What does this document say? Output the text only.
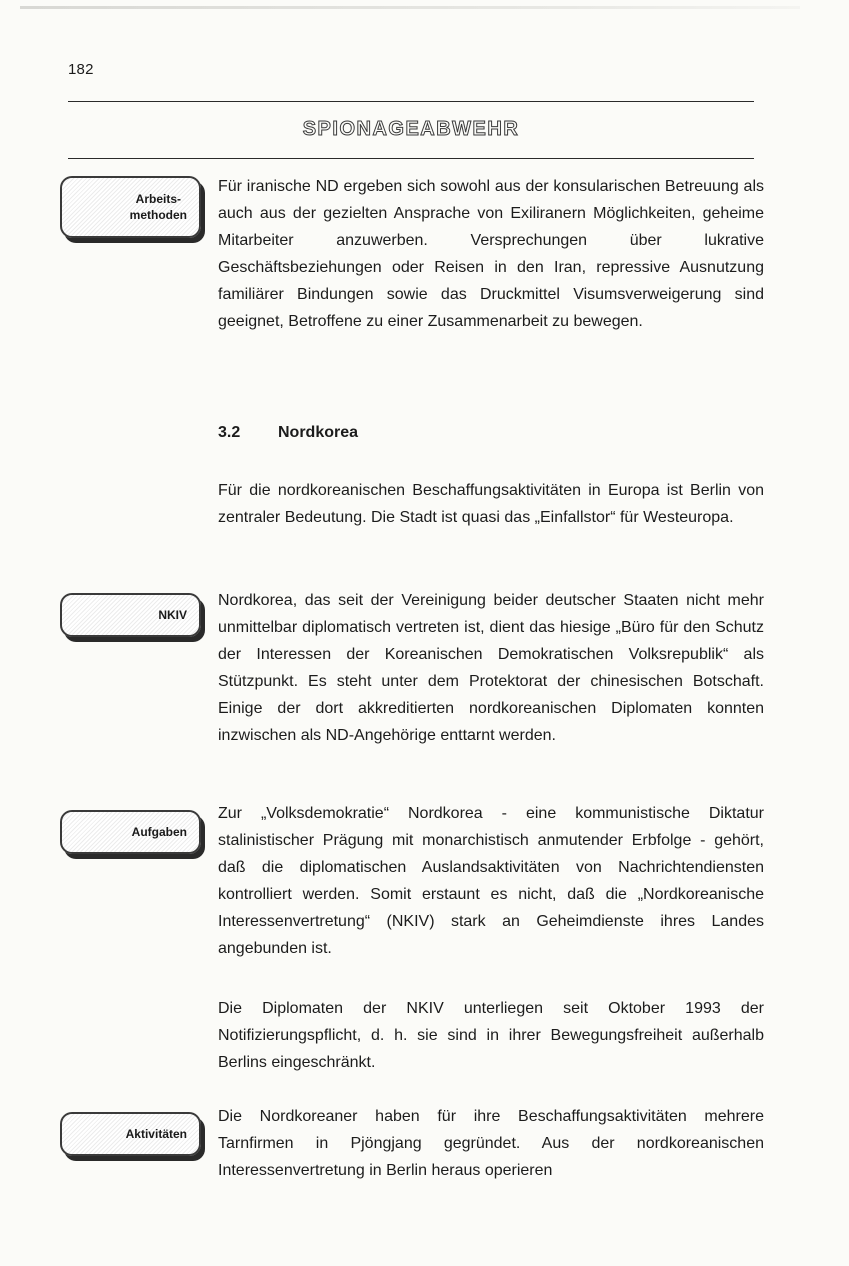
182
SPIONAGEABWEHR
Arbeits-
methoden

Für iranische ND ergeben sich sowohl aus der konsularischen Betreuung als auch aus der gezielten Ansprache von Exiliranern Möglichkeiten, geheime Mitarbeiter anzuwerben. Versprechungen über lukrative Geschäftsbeziehungen oder Reisen in den Iran, repressive Ausnutzung familiärer Bindungen sowie das Druckmittel Visumsverweigerung sind geeignet, Betroffene zu einer Zusammenarbeit zu bewegen.

3.2 Nordkorea

Für die nordkoreanischen Beschaffungsaktivitäten in Europa ist Berlin von zentraler Bedeutung. Die Stadt ist quasi das „Einfallstor“ für Westeuropa.

NKIV

Nordkorea, das seit der Vereinigung beider deutscher Staaten nicht mehr unmittelbar diplomatisch vertreten ist, dient das hiesige „Büro für den Schutz der Interessen der Koreanischen Demokratischen Volksrepublik“ als Stützpunkt. Es steht unter dem Protektorat der chinesischen Botschaft. Einige der dort akkreditierten nordkoreanischen Diplomaten konnten inzwischen als ND-Angehörige enttarnt werden.

Aufgaben

Zur „Volksdemokratie“ Nordkorea - eine kommunistische Diktatur stalinistischer Prägung mit monarchistisch anmutender Erbfolge - gehört, daß die diplomatischen Auslandsaktivitäten von Nachrichtendiensten kontrolliert werden. Somit erstaunt es nicht, daß die „Nordkoreanische Interessenvertretung“ (NKIV) stark an Geheimdienste ihres Landes angebunden ist.

Die Diplomaten der NKIV unterliegen seit Oktober 1993 der Notifizierungspflicht, d. h. sie sind in ihrer Bewegungsfreiheit außerhalb Berlins eingeschränkt.

Aktivitäten

Die Nordkoreaner haben für ihre Beschaffungsaktivitäten mehrere Tarnfirmen in Pjöngjang gegründet. Aus der nordkoreanischen Interessenvertretung in Berlin heraus operieren
